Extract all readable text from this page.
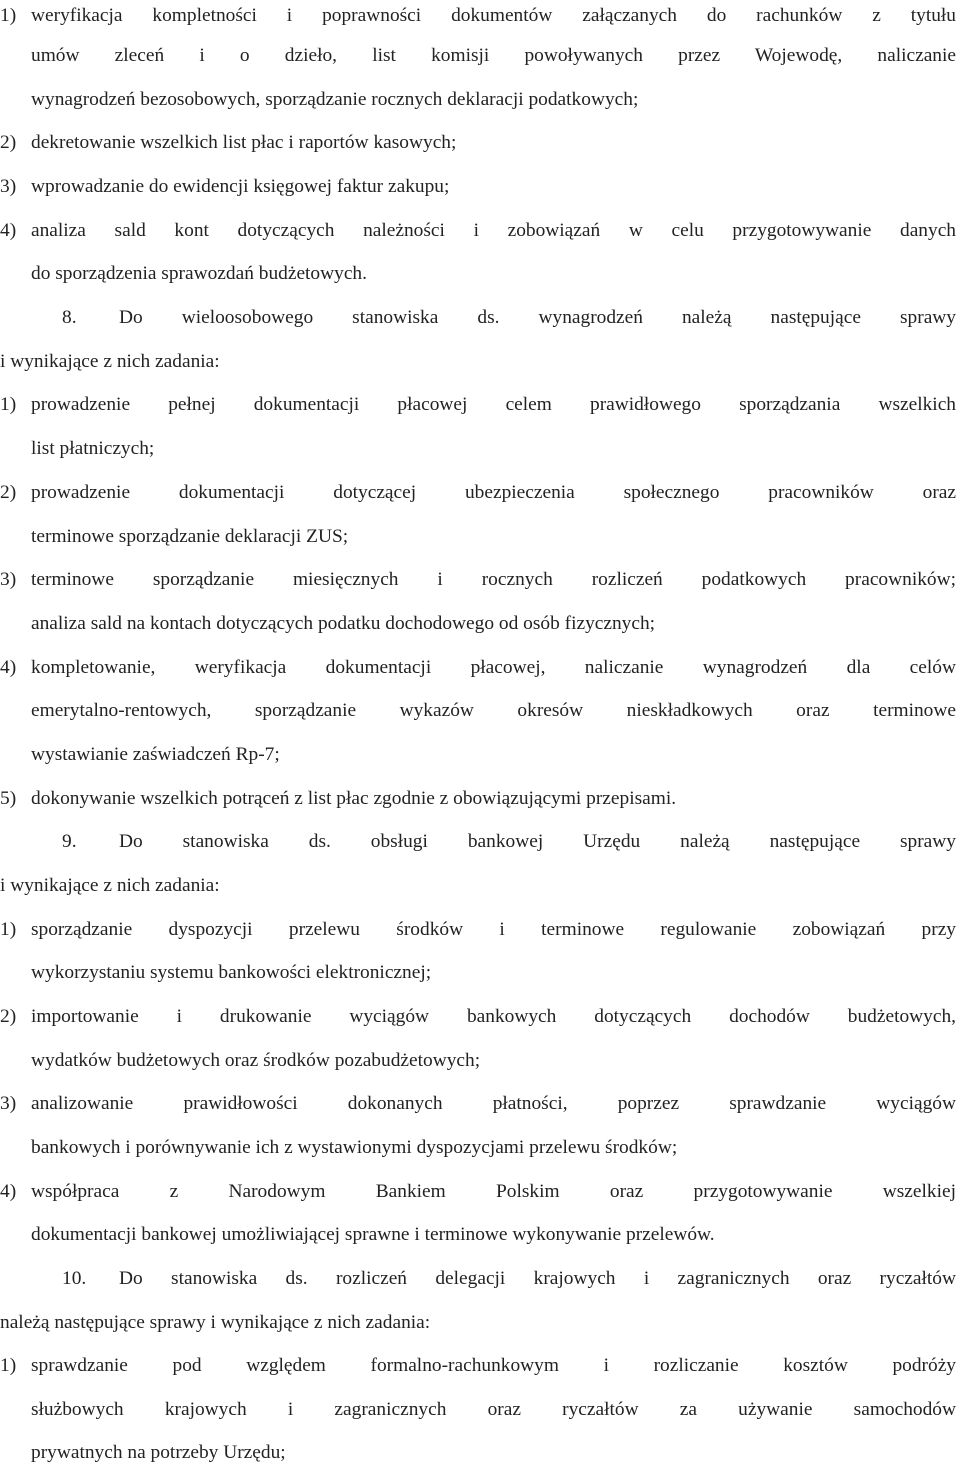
1) weryfikacja kompletności i poprawności dokumentów załączanych do rachunków z tytułu
umów zleceń i o dzieło, list komisji powoływanych przez Wojewodę, naliczanie
wynagrodzeń bezosobowych, sporządzanie rocznych deklaracji podatkowych;
2) dekretowanie wszelkich list płac i raportów kasowych;
3) wprowadzanie do ewidencji księgowej faktur zakupu;
4) analiza sald kont dotyczących należności i zobowiązań w celu przygotowywanie danych
do sporządzenia sprawozdań budżetowych.
8. Do wieloosobowego stanowiska ds. wynagrodzeń należą następujące sprawy
i wynikające z nich zadania:
1) prowadzenie pełnej dokumentacji płacowej celem prawidłowego sporządzania wszelkich
list płatniczych;
2) prowadzenie dokumentacji dotyczącej ubezpieczenia społecznego pracowników oraz
terminowe sporządzanie deklaracji ZUS;
3) terminowe sporządzanie miesięcznych i rocznych rozliczeń podatkowych pracowników;
analiza sald na kontach dotyczących podatku dochodowego od osób fizycznych;
4) kompletowanie, weryfikacja dokumentacji płacowej, naliczanie wynagrodzeń dla celów
emerytalno-rentowych, sporządzanie wykazów okresów nieskładkowych oraz terminowe
wystawianie zaświadczeń Rp-7;
5) dokonywanie wszelkich potrąceń z list płac zgodnie z obowiązującymi przepisami.
9. Do stanowiska ds. obsługi bankowej Urzędu należą następujące sprawy
i wynikające z nich zadania:
1) sporządzanie dyspozycji przelewu środków i terminowe regulowanie zobowiązań przy
wykorzystaniu systemu bankowości elektronicznej;
2) importowanie i drukowanie wyciągów bankowych dotyczących dochodów budżetowych,
wydatków budżetowych oraz środków pozabudżetowych;
3) analizowanie prawidłowości dokonanych płatności, poprzez sprawdzanie wyciągów
bankowych i porównywanie ich z wystawionymi dyspozycjami przelewu środków;
4) współpraca z Narodowym Bankiem Polskim oraz przygotowywanie wszelkiej
dokumentacji bankowej umożliwiającej sprawne i terminowe wykonywanie przelewów.
10. Do stanowiska ds. rozliczeń delegacji krajowych i zagranicznych oraz ryczałtów
należą następujące sprawy i wynikające z nich zadania:
1) sprawdzanie pod względem formalno-rachunkowym i rozliczanie kosztów podróży
służbowych krajowych i zagranicznych oraz ryczałtów za używanie samochodów
prywatnych na potrzeby Urzędu;
